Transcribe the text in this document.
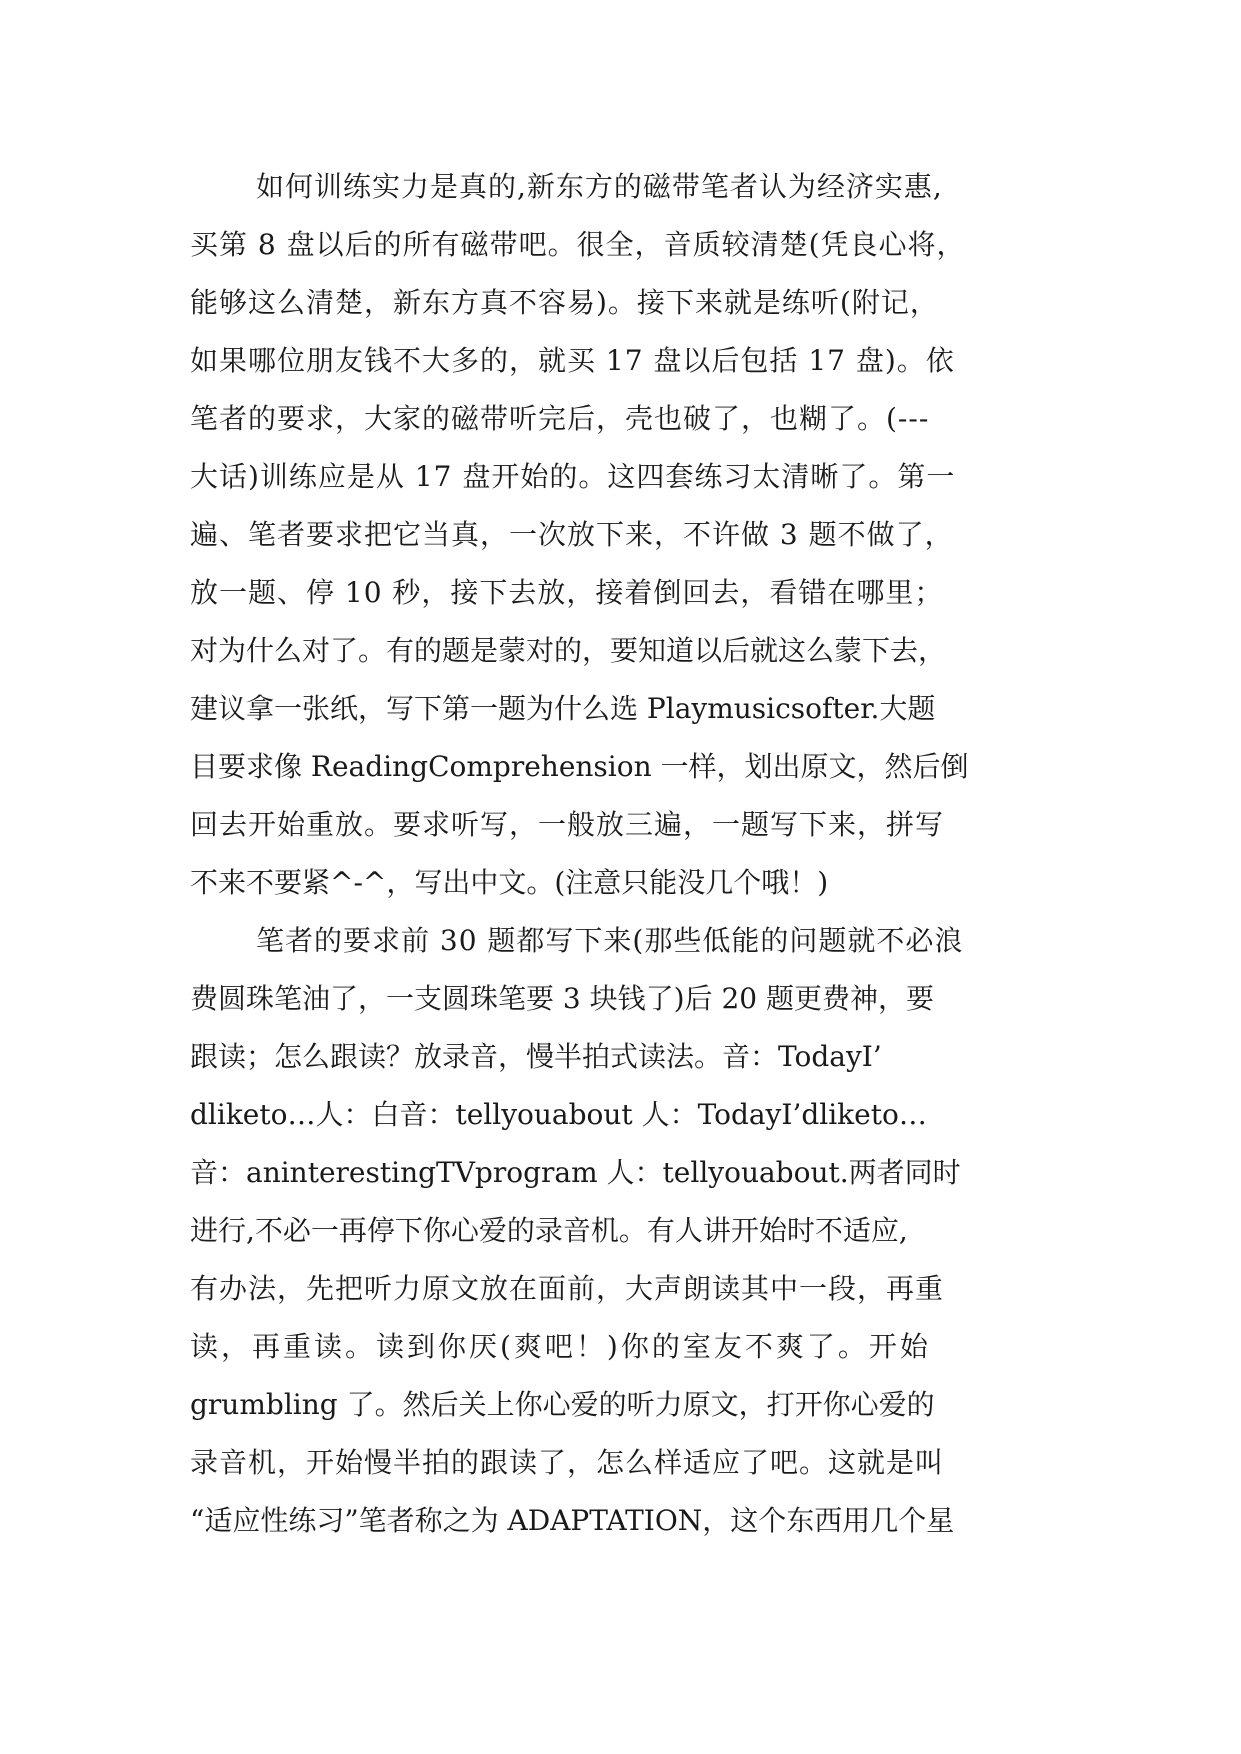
如何训练实力是真的,新东方的磁带笔者认为经济实惠,
买第 8 盘以后的所有磁带吧。很全，音质较清楚(凭良心将，
能够这么清楚，新东方真不容易)。接下来就是练听(附记，
如果哪位朋友钱不大多的，就买 17 盘以后包括 17 盘)。依
笔者的要求，大家的磁带听完后，壳也破了，也糊了。(---
大话)训练应是从 17 盘开始的。这四套练习太清晰了。第一
遍、笔者要求把它当真，一次放下来，不许做 3 题不做了，
放一题、停 10 秒，接下去放，接着倒回去，看错在哪里；
对为什么对了。有的题是蒙对的，要知道以后就这么蒙下去，
建议拿一张纸，写下第一题为什么选 Playmusicsofter.大题
目要求像 ReadingComprehension 一样，划出原文，然后倒
回去开始重放。要求听写，一般放三遍，一题写下来，拼写
不来不要紧^-^，写出中文。(注意只能没几个哦！)
笔者的要求前 30 题都写下来(那些低能的问题就不必浪
费圆珠笔油了，一支圆珠笔要 3 块钱了)后 20 题更费神，要
跟读；怎么跟读？放录音，慢半拍式读法。音：TodayI’
dliketo…人：白音：tellyouabout 人：TodayI’dliketo…
音：aninterestingTVprogram 人：tellyouabout.两者同时
进行,不必一再停下你心爱的录音机。有人讲开始时不适应,
有办法，先把听力原文放在面前，大声朗读其中一段，再重
读，再重读。读到你厌(爽吧！)你的室友不爽了。开始
grumbling 了。然后关上你心爱的听力原文，打开你心爱的
录音机，开始慢半拍的跟读了，怎么样适应了吧。这就是叫
“适应性练习”笔者称之为 ADAPTATION，这个东西用几个星
